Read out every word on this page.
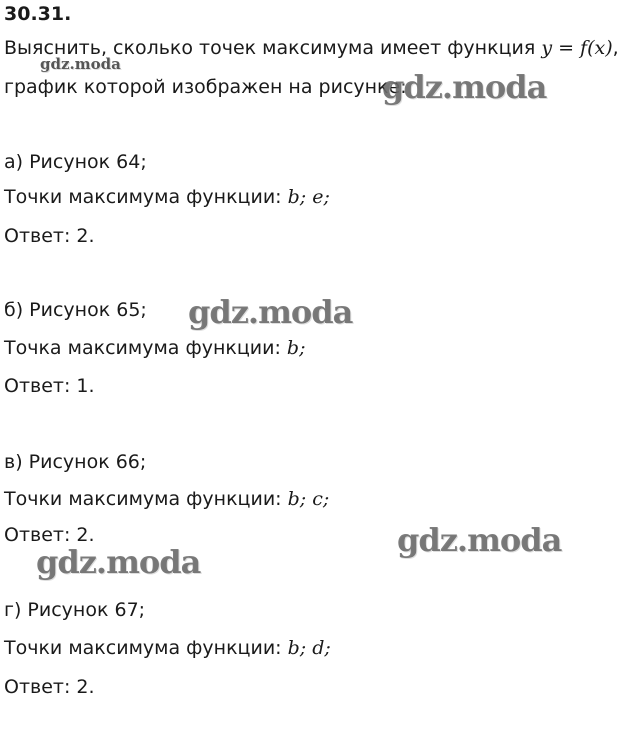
30.31.
Выяснить, сколько точек максимума имеет функция y = f(x),
график которой изображен на рисунке:
а) Рисунок 64;
Точки максимума функции: b; e;
Ответ: 2.
б) Рисунок 65;
Точка максимума функции: b;
Ответ: 1.
в) Рисунок 66;
Точки максимума функции: b; c;
Ответ: 2.
г) Рисунок 67;
Точки максимума функции: b; d;
Ответ: 2.
gdz.moda
gdz.moda
gdz.moda
gdz.moda
gdz.moda
